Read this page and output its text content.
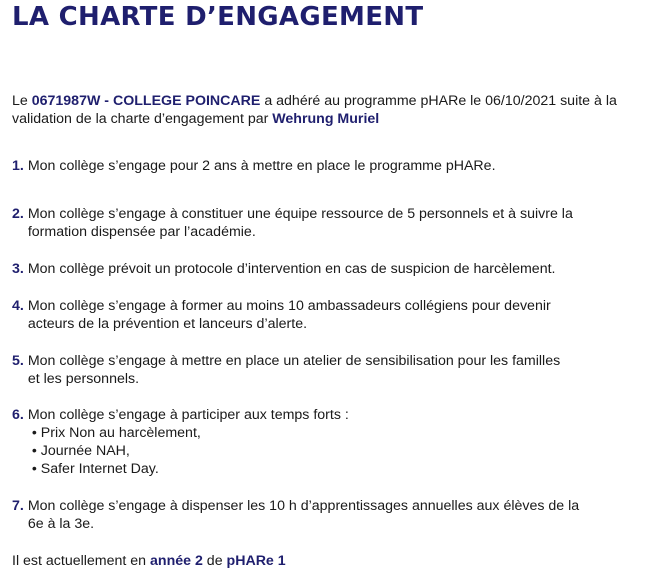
LA CHARTE D’ENGAGEMENT

Le 0671987W - COLLEGE POINCARE a adhéré au programme pHARe le 06/10/2021 suite à la validation de la charte d’engagement par Wehrung Muriel

1. Mon collège s’engage pour 2 ans à mettre en place le programme pHARe.
2. Mon collège s’engage à constituer une équipe ressource de 5 personnels et à suivre la
formation dispensée par l’académie.
3. Mon collège prévoit un protocole d’intervention en cas de suspicion de harcèlement.
4. Mon collège s’engage à former au moins 10 ambassadeurs collégiens pour devenir
acteurs de la prévention et lanceurs d’alerte.
5. Mon collège s’engage à mettre en place un atelier de sensibilisation pour les familles
et les personnels.
6. Mon collège s’engage à participer aux temps forts :
• Prix Non au harcèlement,
• Journée NAH,
• Safer Internet Day.
7. Mon collège s’engage à dispenser les 10 h d’apprentissages annuelles aux élèves de la
6e à la 3e.

Il est actuellement en année 2 de pHARe 1
